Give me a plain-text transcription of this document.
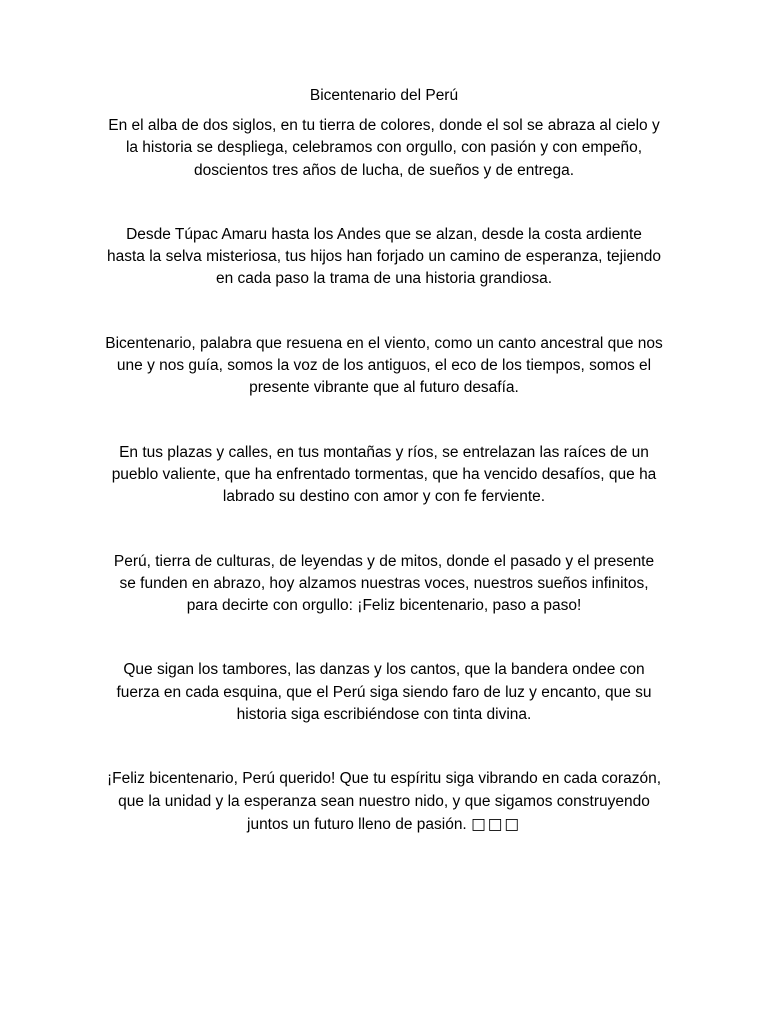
Bicentenario del Perú

En el alba de dos siglos, en tu tierra de colores, donde el sol se abraza al cielo y la historia se despliega, celebramos con orgullo, con pasión y con empeño, doscientos tres años de lucha, de sueños y de entrega.

Desde Túpac Amaru hasta los Andes que se alzan, desde la costa ardiente hasta la selva misteriosa, tus hijos han forjado un camino de esperanza, tejiendo en cada paso la trama de una historia grandiosa.

Bicentenario, palabra que resuena en el viento, como un canto ancestral que nos une y nos guía, somos la voz de los antiguos, el eco de los tiempos, somos el presente vibrante que al futuro desafía.

En tus plazas y calles, en tus montañas y ríos, se entrelazan las raíces de un pueblo valiente, que ha enfrentado tormentas, que ha vencido desafíos, que ha labrado su destino con amor y con fe ferviente.

Perú, tierra de culturas, de leyendas y de mitos, donde el pasado y el presente se funden en abrazo, hoy alzamos nuestras voces, nuestros sueños infinitos, para decirte con orgullo: ¡Feliz bicentenario, paso a paso!

Que sigan los tambores, las danzas y los cantos, que la bandera ondee con fuerza en cada esquina, que el Perú siga siendo faro de luz y encanto, que su historia siga escribiéndose con tinta divina.

¡Feliz bicentenario, Perú querido! Que tu espíritu siga vibrando en cada corazón, que la unidad y la esperanza sean nuestro nido, y que sigamos construyendo juntos un futuro lleno de pasión. □□□
